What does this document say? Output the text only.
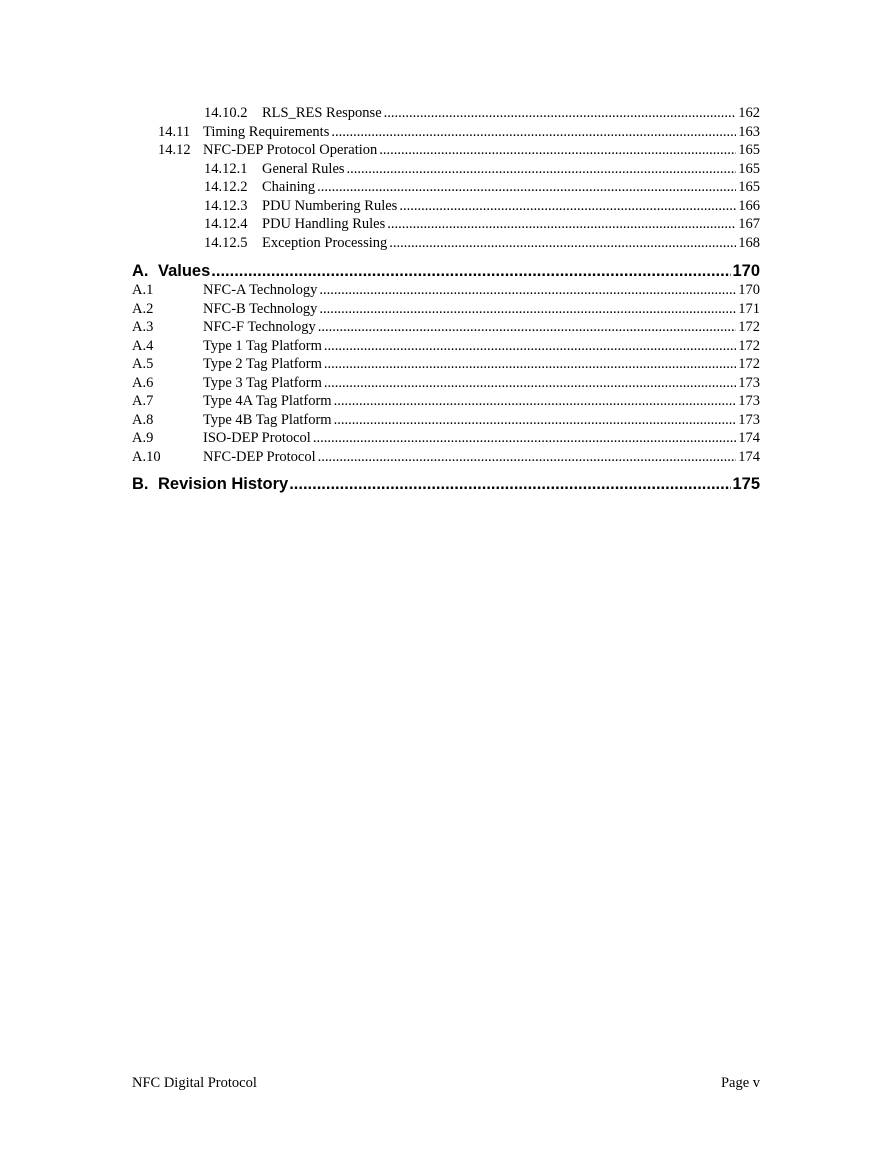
14.10.2	RLS_RES Response .....	162
14.11 Timing Requirements .....	163
14.12 NFC-DEP Protocol Operation .....	165
14.12.1	General Rules .....	165
14.12.2	Chaining .....	165
14.12.3	PDU Numbering Rules .....	166
14.12.4	PDU Handling Rules .....	167
14.12.5	Exception Processing .....	168
A. Values .....	170
A.1	NFC-A Technology .....	170
A.2	NFC-B Technology .....	171
A.3	NFC-F Technology .....	172
A.4	Type 1 Tag Platform .....	172
A.5	Type 2 Tag Platform .....	172
A.6	Type 3 Tag Platform .....	173
A.7	Type 4A Tag Platform .....	173
A.8	Type 4B Tag Platform .....	173
A.9	ISO-DEP Protocol .....	174
A.10	NFC-DEP Protocol .....	174
B. Revision History .....	175
NFC Digital Protocol	Page v
